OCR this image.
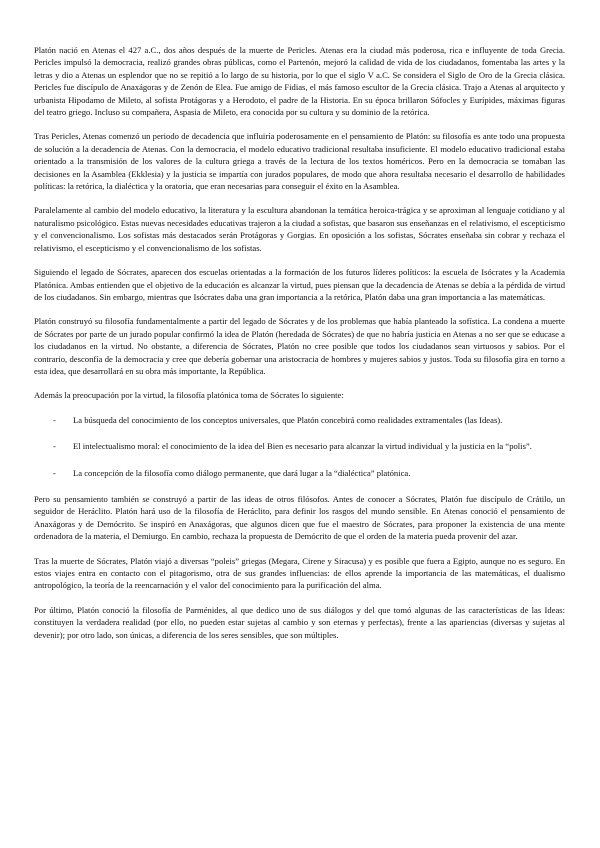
Platón nació en Atenas el 427 a.C., dos años después de la muerte de Pericles. Atenas era la ciudad más poderosa, rica e influyente de toda Grecia. Pericles impulsó la democracia, realizó grandes obras públicas, como el Partenón, mejoró la calidad de vida de los ciudadanos, fomentaba las artes y la letras y dio a Atenas un esplendor que no se repitió a lo largo de su historia, por lo que el siglo V a.C. Se considera el Siglo de Oro de la Grecia clásica. Pericles fue discípulo de Anaxágoras y de Zenón de Elea. Fue amigo de Fidias, el más famoso escultor de la Grecia clásica. Trajo a Atenas al arquitecto y urbanista Hipodamo de Mileto, al sofista Protágoras y a Herodoto, el padre de la Historia. En su época brillaron Sófocles y Eurípides, máximas figuras del teatro griego. Incluso su compañera, Aspasia de Mileto, era conocida por su cultura y su dominio de la retórica.

Tras Pericles, Atenas comenzó un periodo de decadencia que influiría poderosamente en el pensamiento de Platón: su filosofía es ante todo una propuesta de solución a la decadencia de Atenas. Con la democracia, el modelo educativo tradicional resultaba insuficiente. El modelo educativo tradicional estaba orientado a la transmisión de los valores de la cultura griega a través de la lectura de los textos homéricos. Pero en la democracia se tomaban las decisiones en la Asamblea (Ekklesia) y la justicia se impartía con jurados populares, de modo que ahora resultaba necesario el desarrollo de habilidades políticas: la retórica, la dialéctica y la oratoria, que eran necesarias para conseguir el éxito en la Asamblea.

Paralelamente al cambio del modelo educativo, la literatura y la escultura abandonan la temática heroica-trágica y se aproximan al lenguaje cotidiano y al naturalismo psicológico. Estas nuevas necesidades educativas trajeron a la ciudad a sofistas, que basaron sus enseñanzas en el relativismo, el escepticismo y el convencionalismo. Los sofistas más destacados serán Protágoras y Gorgias. En oposición a los sofistas, Sócrates enseñaba sin cobrar y rechaza el relativismo, el escepticismo y el convencionalismo de los sofistas.

Siguiendo el legado de Sócrates, aparecen dos escuelas orientadas a la formación de los futuros líderes políticos: la escuela de Isócrates y la Academia Platónica. Ambas entienden que el objetivo de la educación es alcanzar la virtud, pues piensan que la decadencia de Atenas se debía a la pérdida de virtud de los ciudadanos. Sin embargo, mientras que Isócrates daba una gran importancia a la retórica, Platón daba una gran importancia a las matemáticas.

Platón construyó su filosofía fundamentalmente a partir del legado de Sócrates y de los problemas que había planteado la sofística. La condena a muerte de Sócrates por parte de un jurado popular confirmó la idea de Platón (heredada de Sócrates) de que no habría justicia en Atenas a no ser que se educase a los ciudadanos en la virtud. No obstante, a diferencia de Sócrates, Platón no cree posible que todos los ciudadanos sean virtuosos y sabios. Por el contrario, desconfía de la democracia y cree que debería gobernar una aristocracia de hombres y mujeres sabios y justos. Toda su filosofía gira en torno a esta idea, que desarrollará en su obra más importante, la República.

Además la preocupación por la virtud, la filosofía platónica toma de Sócrates lo siguiente:

- La búsqueda del conocimiento de los conceptos universales, que Platón concebirá como realidades extramentales (las Ideas).
- El intelectualismo moral: el conocimiento de la idea del Bien es necesario para alcanzar la virtud individual y la justicia en la “polis”.
- La concepción de la filosofía como diálogo permanente, que dará lugar a la “dialéctica” platónica.

Pero su pensamiento también se construyó a partir de las ideas de otros filósofos. Antes de conocer a Sócrates, Platón fue discípulo de Crátilo, un seguidor de Heráclito. Platón hará uso de la filosofía de Heráclito, para definir los rasgos del mundo sensible. En Atenas conoció el pensamiento de Anaxágoras y de Demócrito. Se inspiró en Anaxágoras, que algunos dicen que fue el maestro de Sócrates, para proponer la existencia de una mente ordenadora de la materia, el Demiurgo. En cambio, rechaza la propuesta de Demócrito de que el orden de la materia pueda provenir del azar.

Tras la muerte de Sócrates, Platón viajó a diversas “poleis” griegas (Megara, Cirene y Siracusa) y es posible que fuera a Egipto, aunque no es seguro. En estos viajes entra en contacto con el pitagorismo, otra de sus grandes influencias: de ellos aprende la importancia de las matemáticas, el dualismo antropológico, la teoría de la reencarnación y el valor del conocimiento para la purificación del alma.

Por último, Platón conoció la filosofía de Parménides, al que dedico uno de sus diálogos y del que tomó algunas de las características de las Ideas: constituyen la verdadera realidad (por ello, no pueden estar sujetas al cambio y son eternas y perfectas), frente a las apariencias (diversas y sujetas al devenir); por otro lado, son únicas, a diferencia de los seres sensibles, que son múltiples.
